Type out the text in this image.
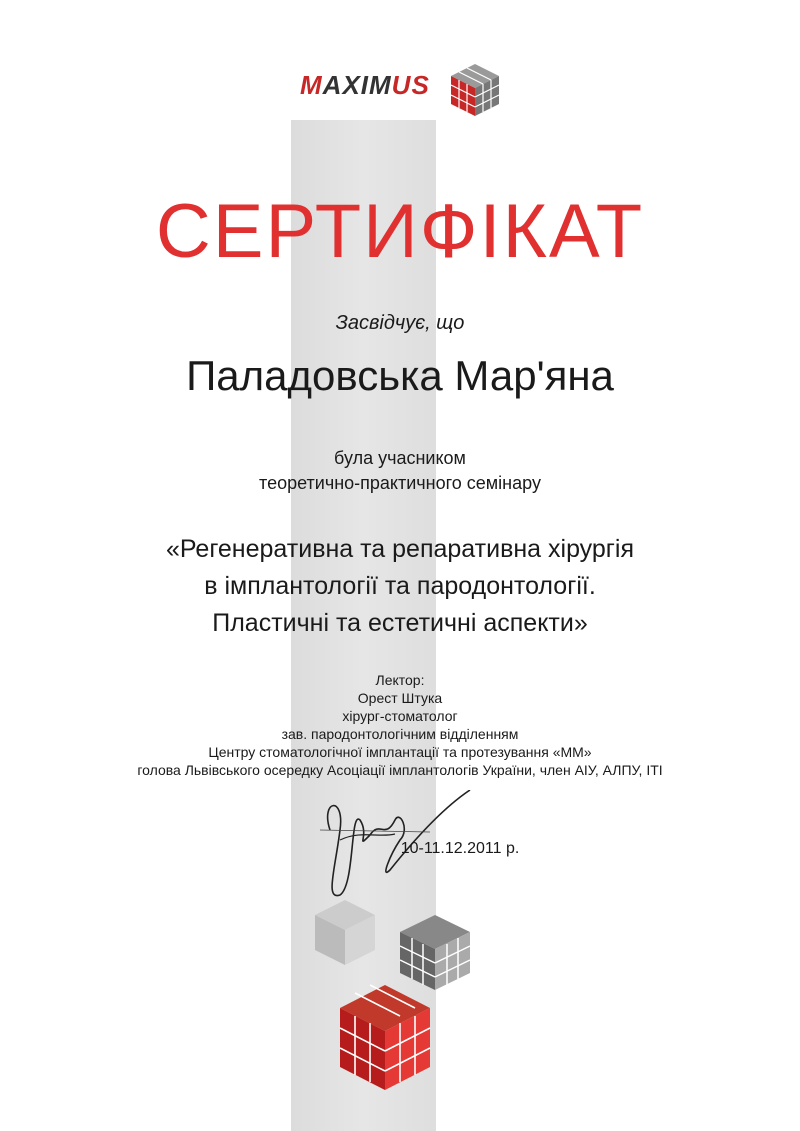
MAXIMUS
СЕРТИФІКАТ
Засвідчує, що
Паладовська Мар'яна
була учасником
теоретично-практичного семінару
«Регенеративна та репаративна хірургія
в імплантології та пародонтології.
Пластичні та естетичні аспекти»
Лектор:
Орест Штука
хірург-стоматолог
зав. пародонтологічним відділенням
Центру стоматологічної імплантації та протезування «ММ»
голова Львівського осередку Асоціації імплантологів України, член АІУ, АЛПУ, ІТІ
10-11.12.2011 р.
